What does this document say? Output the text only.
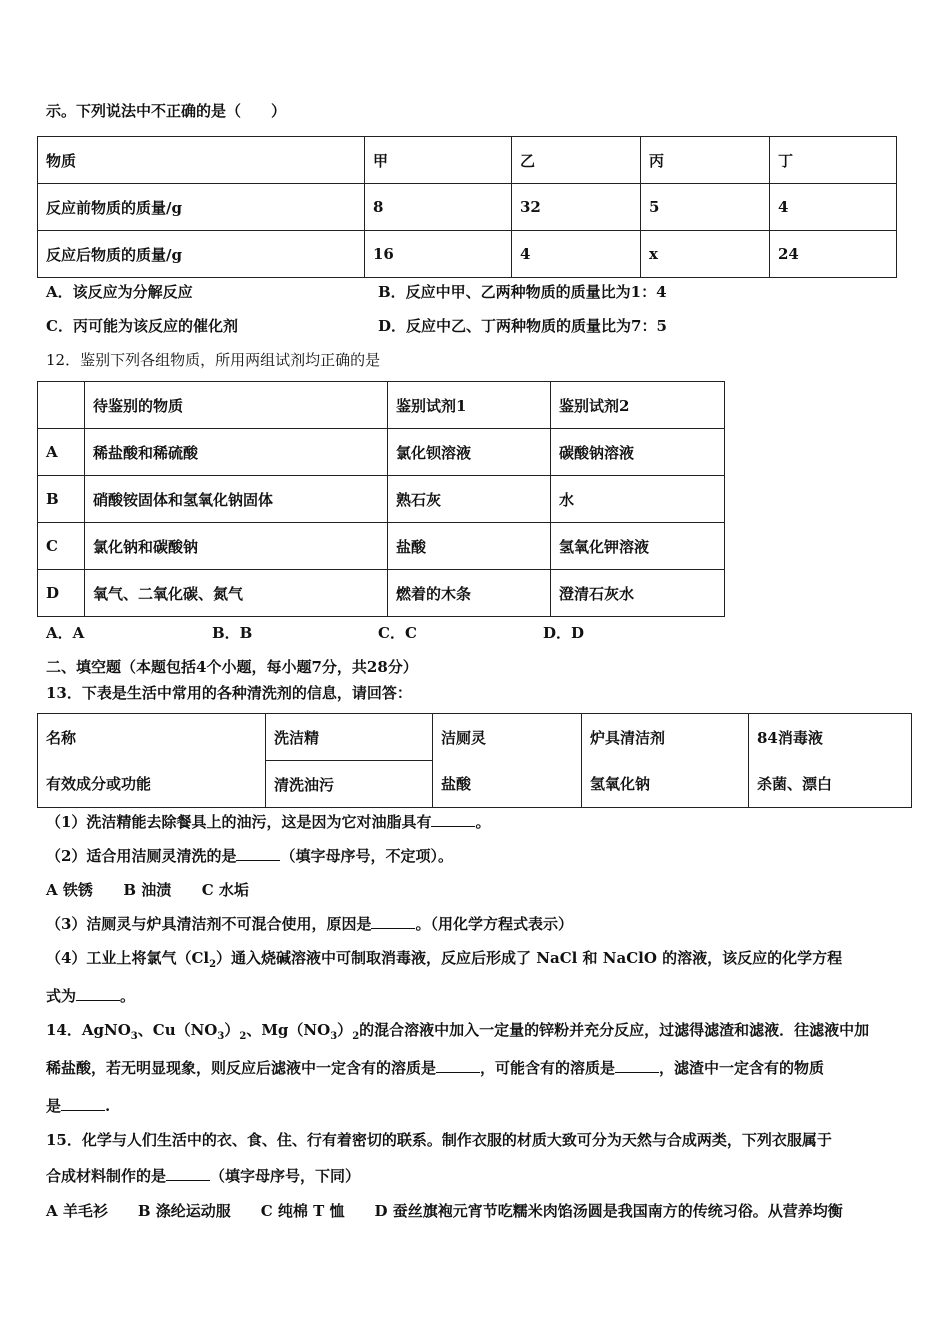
示。下列说法中不正确的是（　　）
物质	甲	乙	丙	丁
反应前物质的质量/g	8	32	5	4
反应后物质的质量/g	16	4	x	24
A．该反应为分解反应	B．反应中甲、乙两种物质的质量比为1：4
C．丙可能为该反应的催化剂	D．反应中乙、丁两种物质的质量比为7：5
12．鉴别下列各组物质，所用两组试剂均正确的是
	待鉴别的物质	鉴别试剂1	鉴别试剂2
A	稀盐酸和稀硫酸	氯化钡溶液	碳酸钠溶液
B	硝酸铵固体和氢氧化钠固体	熟石灰	水
C	氯化钠和碳酸钠	盐酸	氢氧化钾溶液
D	氧气、二氧化碳、氮气	燃着的木条	澄清石灰水
A．A	B．B	C．C	D．D
二、填空题（本题包括4个小题，每小题7分，共28分）
13．下表是生活中常用的各种清洗剂的信息，请回答：
名称	洗洁精	洁厕灵	炉具清洁剂	84消毒液
有效成分或功能	清洗油污	盐酸	氢氧化钠	杀菌、漂白
（1）洗洁精能去除餐具上的油污，这是因为它对油脂具有	。
（2）适合用洁厕灵清洗的是	（填字母序号，不定项）。
A 铁锈 B 油渍 C 水垢
（3）洁厕灵与炉具清洁剂不可混合使用，原因是	。（用化学方程式表示）
（4）工业上将氯气$(Cl_2)$通入烧碱溶液中可制取消毒液，反应后形成了 NaCl 和 NaClO 的溶液，该反应的化学方程
式为	。
14．AgNO$_3$、$Cu(NO_3)_2$、$Mg(NO_3)_2$的混合溶液中加入一定量的锌粉并充分反应，过滤得滤渣和滤液．往滤液中加
稀盐酸，若无明显现象，则反应后滤液中一定含有的溶质是	，可能含有的溶质是	，滤渣中一定含有的物质
是	.
15．化学与人们生活中的衣、食、住、行有着密切的联系。制作衣服的材质大致可分为天然与合成两类，下列衣服属于
合成材料制作的是	（填字母序号，下同）
A 羊毛衫　　B 涤纶运动服　　C 纯棉 T 恤　　D 蚕丝旗袍元宵节吃糯米肉馅汤圆是我国南方的传统习俗。从营养均衡
